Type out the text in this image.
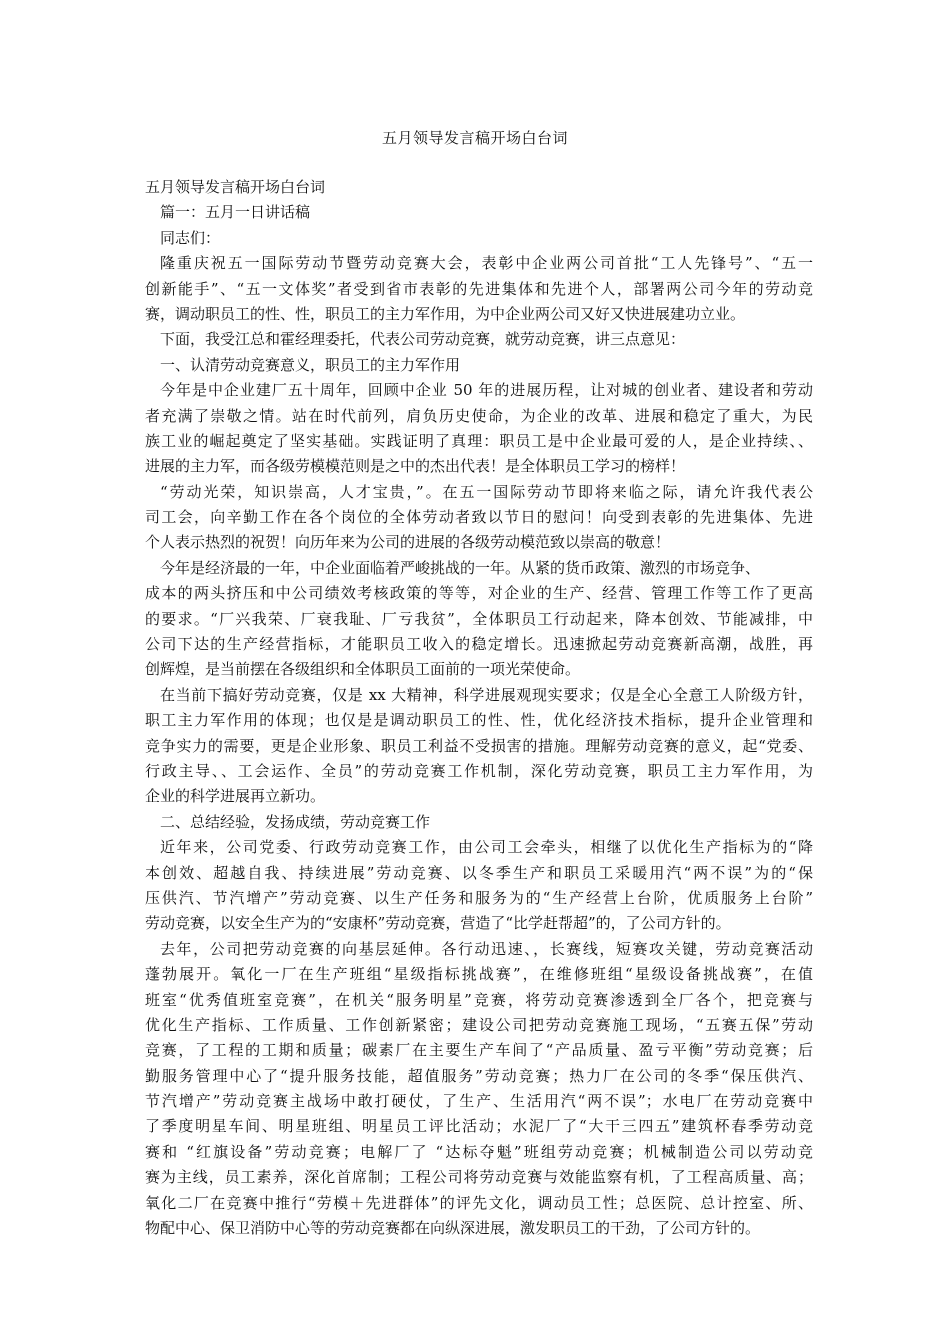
五月领导发言稿开场白台词
五月领导发言稿开场白台词
篇一：五月一日讲话稿
同志们：
隆重庆祝五一国际劳动节暨劳动竞赛大会，表彰中企业两公司首批“工人先锋号”、“五一
创新能手”、“五一文体奖”者受到省市表彰的先进集体和先进个人，部署两公司今年的劳动竞
赛，调动职员工的性、性，职员工的主力军作用，为中企业两公司又好又快进展建功立业。
下面，我受江总和霍经理委托，代表公司劳动竞赛，就劳动竞赛，讲三点意见：
一、认清劳动竞赛意义，职员工的主力军作用
今年是中企业建厂五十周年，回顾中企业 50 年的进展历程，让对城的创业者、建设者和劳动
者充满了崇敬之情。站在时代前列，肩负历史使命，为企业的改革、进展和稳定了重大，为民
族工业的崛起奠定了坚实基础。实践证明了真理：职员工是中企业最可爱的人，是企业持续、、
进展的主力军，而各级劳模模范则是之中的杰出代表！是全体职员工学习的榜样！
“劳动光荣，知识崇高，人才宝贵，”。在五一国际劳动节即将来临之际，请允许我代表公
司工会，向辛勤工作在各个岗位的全体劳动者致以节日的慰问！向受到表彰的先进集体、先进
个人表示热烈的祝贺！向历年来为公司的进展的各级劳动模范致以崇高的敬意！
今年是经济最的一年，中企业面临着严峻挑战的一年。从紧的货币政策、激烈的市场竞争、
成本的两头挤压和中公司绩效考核政策的等等，对企业的生产、经营、管理工作等工作了更高
的要求。“厂兴我荣、厂衰我耻、厂亏我贫”，全体职员工行动起来，降本创效、节能减排，中
公司下达的生产经营指标，才能职员工收入的稳定增长。迅速掀起劳动竞赛新高潮，战胜，再
创辉煌，是当前摆在各级组织和全体职员工面前的一项光荣使命。
在当前下搞好劳动竞赛，仅是 xx 大精神，科学进展观现实要求；仅是全心全意工人阶级方针，
职工主力军作用的体现；也仅是是调动职员工的性、性，优化经济技术指标，提升企业管理和
竞争实力的需要，更是企业形象、职员工利益不受损害的措施。理解劳动竞赛的意义，起“党委、
行政主导、、工会运作、全员”的劳动竞赛工作机制，深化劳动竞赛，职员工主力军作用，为
企业的科学进展再立新功。
二、总结经验，发扬成绩，劳动竞赛工作
近年来，公司党委、行政劳动竞赛工作，由公司工会牵头，相继了以优化生产指标为的“降
本创效、超越自我、持续进展”劳动竞赛、以冬季生产和职员工采暖用汽“两不误”为的“保
压供汽、节汽增产”劳动竞赛、以生产任务和服务为的“生产经营上台阶，优质服务上台阶”
劳动竞赛，以安全生产为的“安康杯”劳动竞赛，营造了“比学赶帮超”的，了公司方针的。
去年，公司把劳动竞赛的向基层延伸。各行动迅速、，长赛线，短赛攻关键，劳动竞赛活动
蓬勃展开。氧化一厂在生产班组“星级指标挑战赛”，在维修班组“星级设备挑战赛”，在值
班室“优秀值班室竞赛”，在机关“服务明星”竞赛，将劳动竞赛渗透到全厂各个，把竞赛与
优化生产指标、工作质量、工作创新紧密；建设公司把劳动竞赛施工现场，“五赛五保”劳动
竞赛，了工程的工期和质量；碳素厂在主要生产车间了“产品质量、盈亏平衡”劳动竞赛；后
勤服务管理中心了“提升服务技能，超值服务”劳动竞赛；热力厂在公司的冬季“保压供汽、
节汽增产”劳动竞赛主战场中敢打硬仗，了生产、生活用汽“两不误”；水电厂在劳动竞赛中
了季度明星车间、明星班组、明星员工评比活动；水泥厂了“大干三四五”建筑杯春季劳动竞
赛和 “红旗设备”劳动竞赛；电解厂了 “达标夺魁”班组劳动竞赛；机械制造公司以劳动竞
赛为主线，员工素养，深化首席制；工程公司将劳动竞赛与效能监察有机，了工程高质量、高；
氧化二厂在竞赛中推行“劳模＋先进群体”的评先文化，调动员工性；总医院、总计控室、所、
物配中心、保卫消防中心等的劳动竞赛都在向纵深进展，激发职员工的干劲，了公司方针的。
